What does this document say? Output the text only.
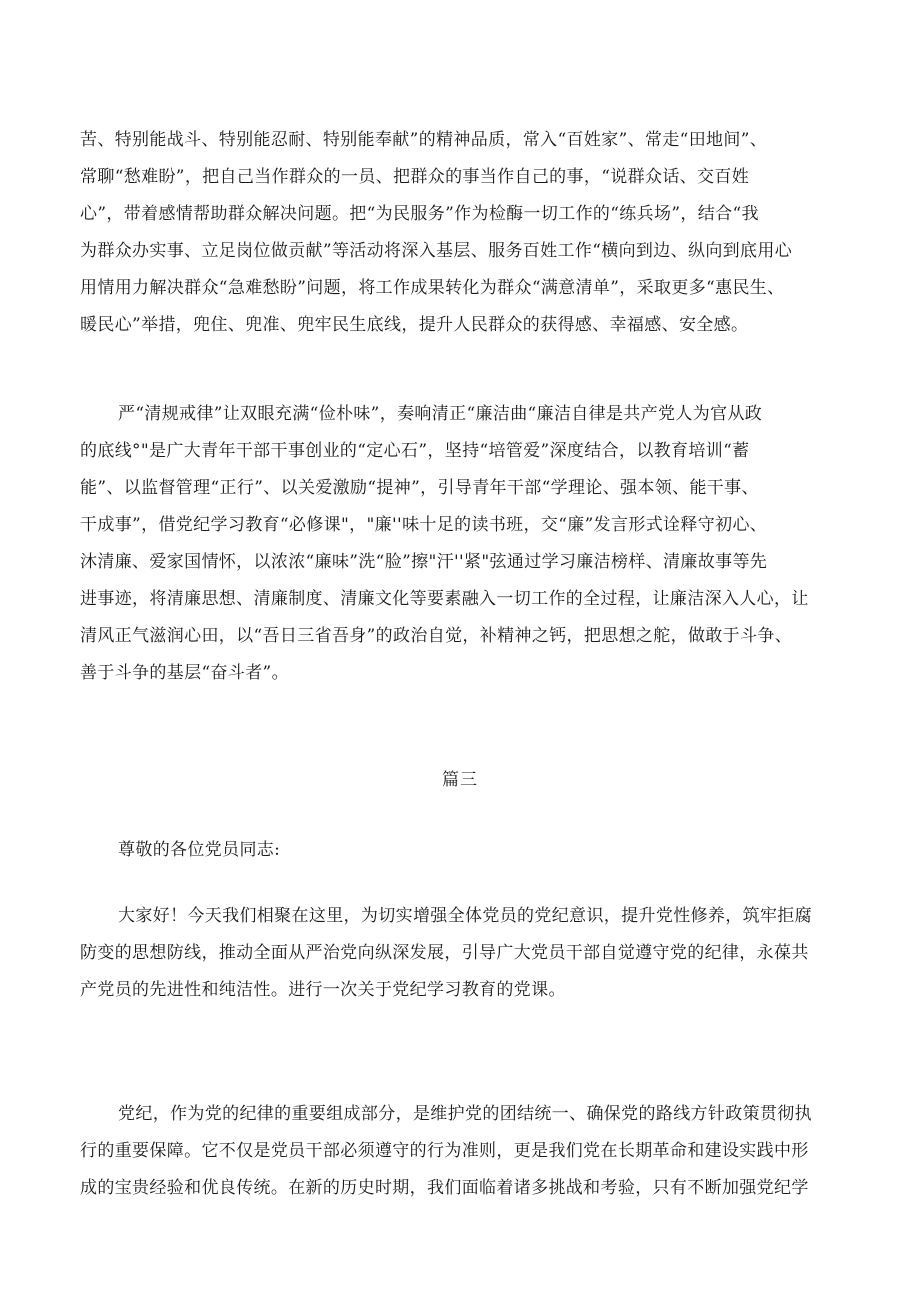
苦、特别能战斗、特别能忍耐、特别能奉献”的精神品质，常入“百姓家”、常走“田地间”、
常聊“愁难盼”，把自己当作群众的一员、把群众的事当作自己的事，“说群众话、交百姓
心”，带着感情帮助群众解决问题。把“为民服务”作为检酶一切工作的“练兵场”，结合“我
为群众办实事、立足岗位做贡献”等活动将深入基层、服务百姓工作“横向到边、纵向到底用心
用情用力解决群众“急难愁盼”问题，将工作成果转化为群众“满意清单”，采取更多“惠民生、
暖民心”举措，兜住、兜准、兜牢民生底线，提升人民群众的获得感、幸福感、安全感。
严“清规戒律”让双眼充满“俭朴味”，奏响清正“廉洁曲“廉洁自律是共产党人为官从政
的底线°"是广大青年干部干事创业的“定心石”，坚持“培管爱”深度结合，以教育培训“蓄
能”、以监督管理“正行”、以关爱激励“提神”，引导青年干部“学理论、强本领、能干事、
干成事”，借党纪学习教育“必修课"，"廉''味十足的读书班，交“廉”发言形式诠释守初心、
沐清廉、爱家国情怀，以浓浓“廉味”洗“脸”擦"汗''紧"弦通过学习廉洁榜样、清廉故事等先
进事迹，将清廉思想、清廉制度、清廉文化等要素融入一切工作的全过程，让廉洁深入人心，让
清风正气滋润心田，以“吾日三省吾身”的政治自觉，补精神之钙，把思想之舵，做敢于斗争、
善于斗争的基层“奋斗者”。
篇三
尊敬的各位党员同志:
大家好！今天我们相聚在这里，为切实增强全体党员的党纪意识，提升党性修养，筑牢拒腐
防变的思想防线，推动全面从严治党向纵深发展，引导广大党员干部自觉遵守党的纪律，永葆共
产党员的先进性和纯洁性。进行一次关于党纪学习教育的党课。
党纪，作为党的纪律的重要组成部分，是维护党的团结统一、确保党的路线方针政策贯彻执
行的重要保障。它不仅是党员干部必须遵守的行为准则，更是我们党在长期革命和建设实践中形
成的宝贵经验和优良传统。在新的历史时期，我们面临着诸多挑战和考验，只有不断加强党纪学
